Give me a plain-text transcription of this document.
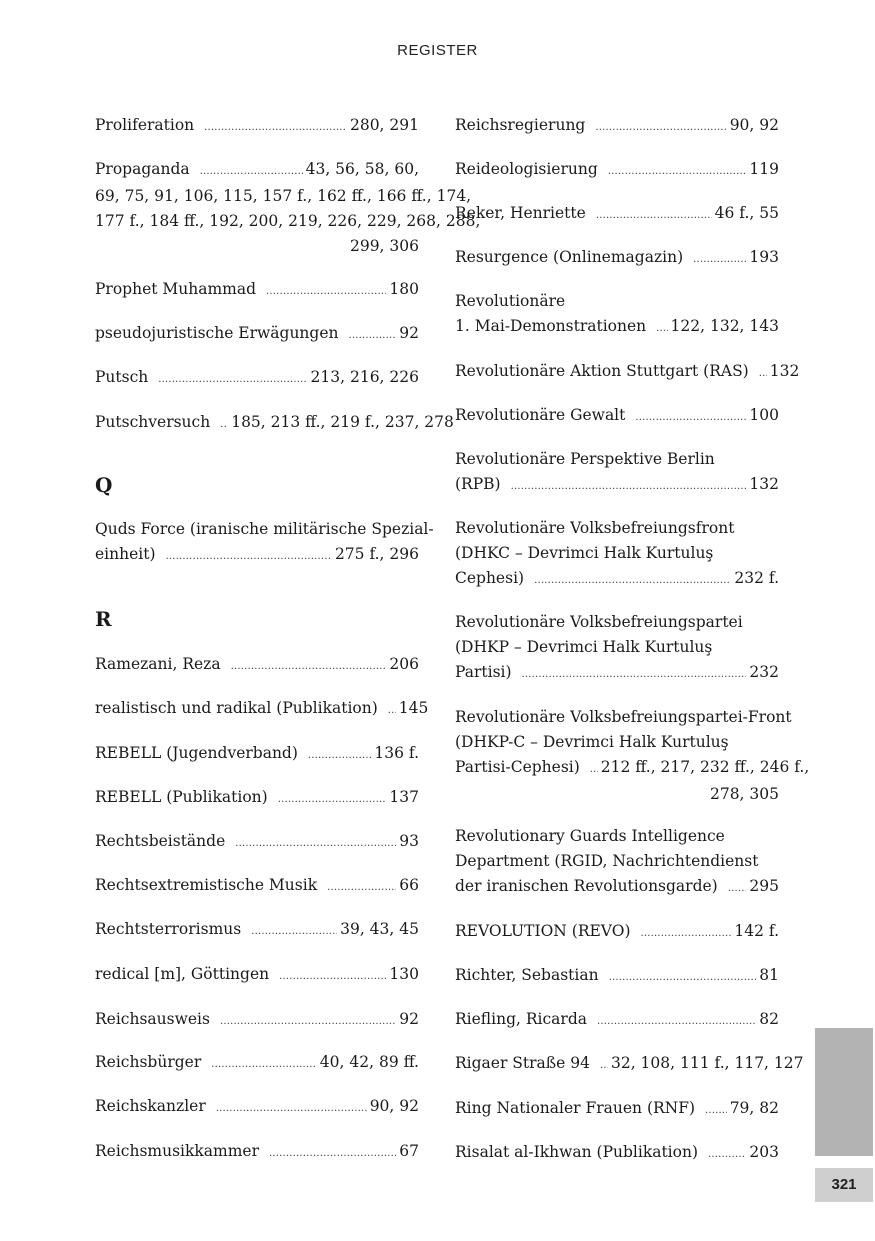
REGISTER
Proliferation .....	280, 291
Propaganda .....	43, 56, 58, 60,
69, 75, 91, 106, 115, 157 f., 162 ff., 166 ff., 174,
177 f., 184 ff., 192, 200, 219, 226, 229, 268, 288,
299, 306
Prophet Muhammad .....	180
pseudojuristische Erwägungen .....	92
Putsch .....	213, 216, 226
Putschversuch ..... 185, 213 ff., 219 f., 237, 278
Q
Quds Force (iranische militärische Spezial-
einheit) .....	275 f., 296
R
Ramezani, Reza .....	206
realistisch und radikal (Publikation) ..... 145
REBELL (Jugendverband) .....	136 f.
REBELL (Publikation) .....	137
Rechtsbeistände .....	93
Rechtsextremistische Musik .....	66
Rechtsterrorismus .....	39, 43, 45
redical [m], Göttingen .....	130
Reichsausweis .....	92
Reichsbürger .....	40, 42, 89 ff.
Reichskanzler .....	90, 92
Reichsmusikkammer .....	67
Reichsregierung .....	90, 92
Reideologisierung .....	119
Reker, Henriette .....	46 f., 55
Resurgence (Onlinemagazin) .....	193
Revolutionäre
1. Mai-Demonstrationen ..... 122, 132, 143
Revolutionäre Aktion Stuttgart (RAS) ..... 132
Revolutionäre Gewalt .....	100
Revolutionäre Perspektive Berlin
(RPB) .....	132
Revolutionäre Volksbefreiungsfront
(DHKC – Devrimci Halk Kurtuluş
Cephesi) .....	232 f.
Revolutionäre Volksbefreiungspartei
(DHKP – Devrimci Halk Kurtuluş
Partisi) .....	232
Revolutionäre Volksbefreiungspartei-Front
(DHKP-C – Devrimci Halk Kurtuluş
Partisi-Cephesi) ..... 212 ff., 217, 232 ff., 246 f.,
278, 305
Revolutionary Guards Intelligence
Department (RGID, Nachrichtendienst
der iranischen Revolutionsgarde) ..... 295
REVOLUTION (REVO) .....	142 f.
Richter, Sebastian .....	81
Riefling, Ricarda .....	82
Rigaer Straße 94 ..... 32, 108, 111 f., 117, 127
Ring Nationaler Frauen (RNF) ..... 79, 82
Risalat al-Ikhwan (Publikation) .....	203
321
